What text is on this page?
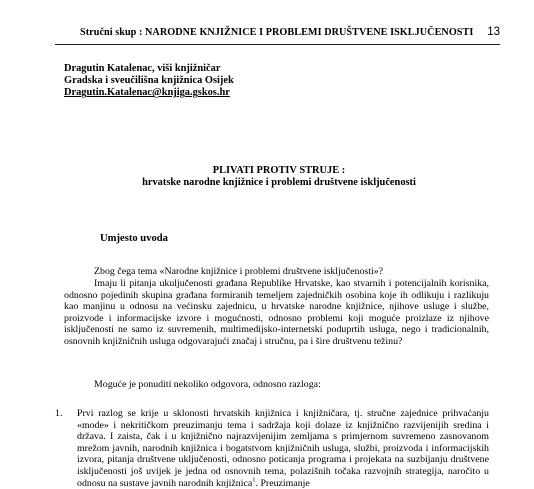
Stručni skup : NARODNE KNJIŽNICE I PROBLEMI DRUŠTVENE ISKLJUČENOSTI 13
Dragutin Katalenac, viši knjižničar
Gradska i sveučilišna knjižnica Osijek
Dragutin.Katalenac@knjiga.gskos.hr
PLIVATI PROTIV STRUJE :
hrvatske narodne knjižnice i problemi društvene isključenosti
Umjesto uvoda
Zbog čega tema «Narodne knjižnice i problemi društvene isključenosti»?
Imaju li pitanja ukuljučenosti građana Republike Hrvatske, kao stvarnih i potencijalnih korisnika, odnosno pojedinih skupina građana formiranih temeljem zajedničkih osobina koje ih odlikuju i razlikuju kao manjinu u odnosu na većinsku zajednicu, u hrvatske narodne knjižnice, njihove usluge i službe, proizvode i informacijske izvore i mogućnosti, odnosno problemi koji moguće proizlaze iz njihove isključenosti ne samo iz suvremenih, multimedijsko-internetski poduprtih usluga, nego i tradicionalnih, osnovnih knjižničnih usluga odgovarajući značaj i stručnu, pa i šire društvenu težinu?
Moguće je ponuditi nekoliko odgovora, odnosno razloga:
1. Prvi razlog se krije u sklonosti hrvatskih knjižnica i knjižničara, tj. stručne zajednice prihvaćanju «mode» i nekritičkom preuzimanju tema i sadržaja koji dolaze iz knjižnično razvijenijih sredina i država. I zaista, čak i u knjižnično najrazvijenijim zemljama s primjernom suvremeno zasnovanom mrežom javnih, narodnih knjižnica i bogatstvom knjižničnih usluga, službi, proizvoda i informacijskih izvora, pitanja društvene uključenosti, odnosno poticanja programa i projekata na suzbijanju društvene isključenosti još uvijek je jedna od osnovnih tema, polazišnih točaka razvojnih strategija, naročito u odnosu na sustave javnih narodnih knjižnica$^1$. Preuzimanje
